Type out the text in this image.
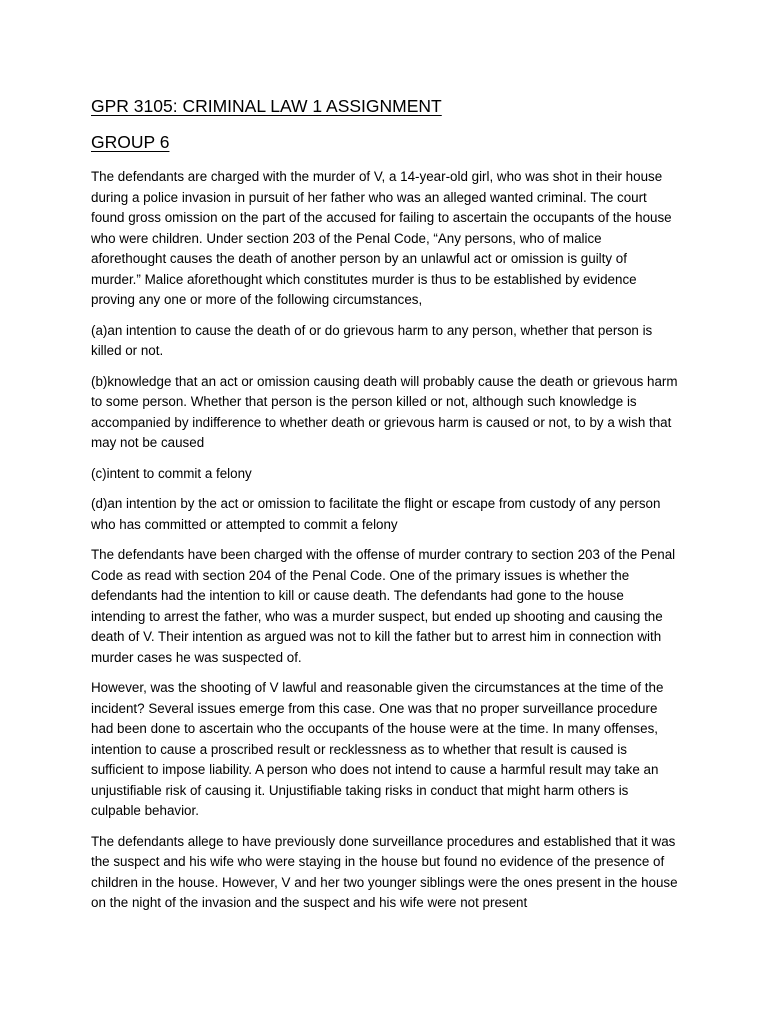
GPR 3105: CRIMINAL LAW 1 ASSIGNMENT
GROUP 6

The defendants are charged with the murder of V, a 14-year-old girl, who was shot in their house during a police invasion in pursuit of her father who was an alleged wanted criminal. The court found gross omission on the part of the accused for failing to ascertain the occupants of the house who were children. Under section 203 of the Penal Code, “Any persons, who of malice aforethought causes the death of another person by an unlawful act or omission is guilty of murder.” Malice aforethought which constitutes murder is thus to be established by evidence proving any one or more of the following circumstances,

(a)an intention to cause the death of or do grievous harm to any person, whether that person is killed or not.

(b)knowledge that an act or omission causing death will probably cause the death or grievous harm to some person. Whether that person is the person killed or not, although such knowledge is accompanied by indifference to whether death or grievous harm is caused or not, to by a wish that may not be caused

(c)intent to commit a felony

(d)an intention by the act or omission to facilitate the flight or escape from custody of any person who has committed or attempted to commit a felony

The defendants have been charged with the offense of murder contrary to section 203 of the Penal Code as read with section 204 of the Penal Code. One of the primary issues is whether the defendants had the intention to kill or cause death. The defendants had gone to the house intending to arrest the father, who was a murder suspect, but ended up shooting and causing the death of V. Their intention as argued was not to kill the father but to arrest him in connection with murder cases he was suspected of.

However, was the shooting of V lawful and reasonable given the circumstances at the time of the incident? Several issues emerge from this case. One was that no proper surveillance procedure had been done to ascertain who the occupants of the house were at the time. In many offenses, intention to cause a proscribed result or recklessness as to whether that result is caused is sufficient to impose liability. A person who does not intend to cause a harmful result may take an unjustifiable risk of causing it. Unjustifiable taking risks in conduct that might harm others is culpable behavior.

The defendants allege to have previously done surveillance procedures and established that it was the suspect and his wife who were staying in the house but found no evidence of the presence of children in the house. However, V and her two younger siblings were the ones present in the house on the night of the invasion and the suspect and his wife were not present
